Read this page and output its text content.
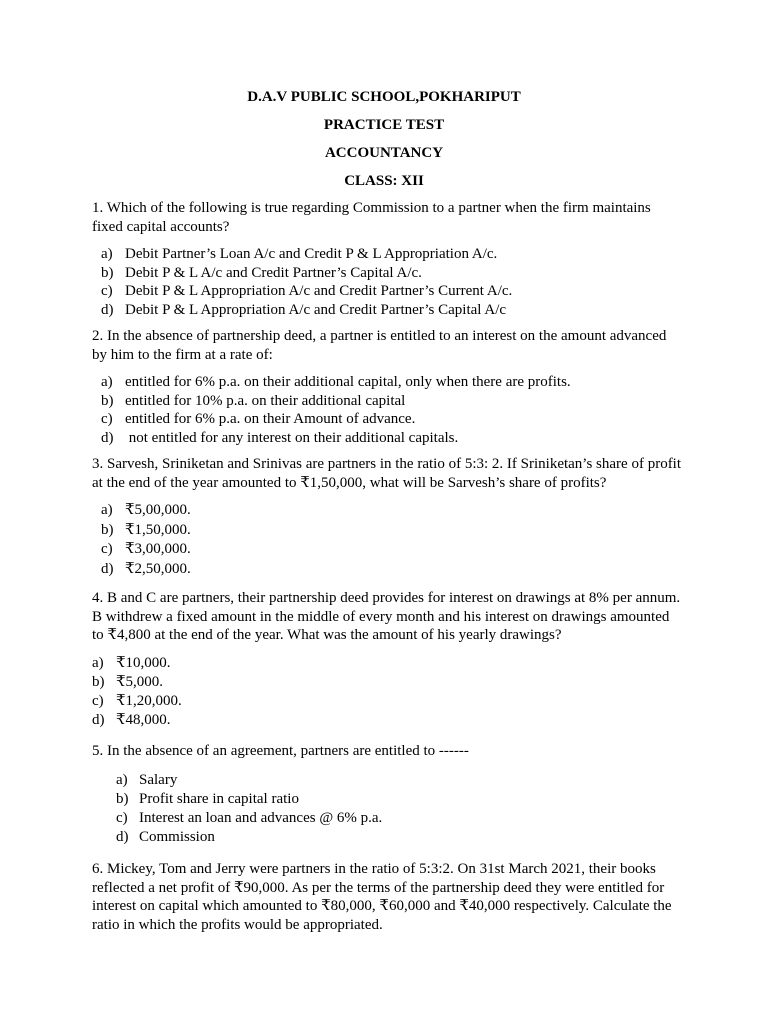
D.A.V PUBLIC SCHOOL,POKHARIPUT
PRACTICE TEST
ACCOUNTANCY
CLASS: XII
1. Which of the following is true regarding Commission to a partner when the firm maintains fixed capital accounts?
a) Debit Partner’s Loan A/c and Credit P & L Appropriation A/c.
b) Debit P & L A/c and Credit Partner’s Capital A/c.
c) Debit P & L Appropriation A/c and Credit Partner’s Current A/c.
d) Debit P & L Appropriation A/c and Credit Partner’s Capital A/c
2. In the absence of partnership deed, a partner is entitled to an interest on the amount advanced by him to the firm at a rate of:
a) entitled for 6% p.a. on their additional capital, only when there are profits.
b) entitled for 10% p.a. on their additional capital
c) entitled for 6% p.a. on their Amount of advance.
d) not entitled for any interest on their additional capitals.
3. Sarvesh, Sriniketan and Srinivas are partners in the ratio of 5:3: 2. If Sriniketan’s share of profit at the end of the year amounted to ₹1,50,000, what will be Sarvesh’s share of profits?
a) ₹5,00,000.
b) ₹1,50,000.
c) ₹3,00,000.
d) ₹2,50,000.
4. B and C are partners, their partnership deed provides for interest on drawings at 8% per annum. B withdrew a fixed amount in the middle of every month and his interest on drawings amounted to ₹4,800 at the end of the year. What was the amount of his yearly drawings?
a) ₹10,000.
b) ₹5,000.
c) ₹1,20,000.
d) ₹48,000.
5. In the absence of an agreement, partners are entitled to ------
a) Salary
b) Profit share in capital ratio
c) Interest an loan and advances @ 6% p.a.
d) Commission
6. Mickey, Tom and Jerry were partners in the ratio of 5:3:2. On 31st March 2021, their books reflected a net profit of ₹90,000. As per the terms of the partnership deed they were entitled for interest on capital which amounted to ₹80,000, ₹60,000 and ₹40,000 respectively. Calculate the ratio in which the profits would be appropriated.
